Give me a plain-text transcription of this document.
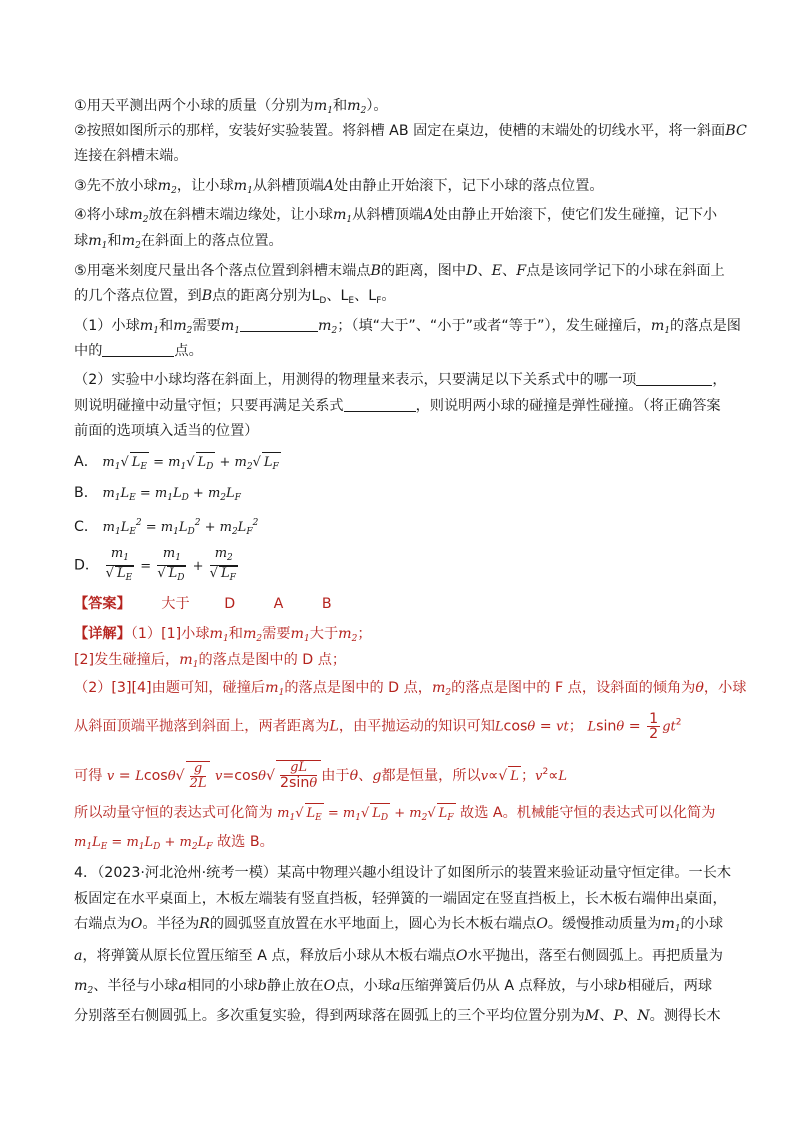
①用天平测出两个小球的质量（分别为$m_1$和$m_2$）。
②按照如图所示的那样，安装好实验装置。将斜槽 AB 固定在桌边，使槽的末端处的切线水平，将一斜面BC
连接在斜槽末端。
③先不放小球$m_2$，让小球$m_1$从斜槽顶端A处由静止开始滚下，记下小球的落点位置。
④将小球$m_2$放在斜槽末端边缘处，让小球$m_1$从斜槽顶端A处由静止开始滚下，使它们发生碰撞，记下小
球$m_1$和$m_2$在斜面上的落点位置。
⑤用毫米刻度尺量出各个落点位置到斜槽末端点B的距离，图中D、E、F点是该同学记下的小球在斜面上
的几个落点位置，到B点的距离分别为$L_D$、$L_E$、$L_F$。
（1）小球$m_1$和$m_2$需要$m_1$	$m_2$；（填“大于”、“小于”或者“等于”），发生碰撞后，$m_1$的落点是图
中的	点。
（2）实验中小球均落在斜面上，用测得的物理量来表示，只要满足以下关系式中的哪一项	，
则说明碰撞中动量守恒；只要再满足关系式	，则说明两小球的碰撞是弹性碰撞。（将正确答案
前面的选项填入适当的位置）
A． $m_1√$ $L_E = m_1√$ $L_D + m_2√$ $L_F$
B． $m_1L_E = m_1L_D + m_2L_F$
C． $m_1L_E^2 = m_1L_D^2 + m_2L_F^2$
D． $\frac{m_1}{√ L_E} = \frac{m_1}{√ L_D} + \frac{m_2}{√ L_F}$
【答案】 大于 D	A	B
【详解】（1）[1]小球$m_1$和$m_2$需要$m_1$大于$m_2$；
[2]发生碰撞后，$m_1$的落点是图中的 D 点；
（2）[3][4]由题可知，碰撞后$m_1$的落点是图中的 D 点，$m_2$的落点是图中的 F 点，设斜面的倾角为θ，小球
从斜面顶端平抛落到斜面上，两者距离为L，由平抛运动的知识可知Lcosθ = vt； $Lsin\theta = \frac{1}{2} gt^2$
可得 $v = Lcos\theta√ \frac{g}{2L} v=\cos\theta√ \frac{gL}{2\sin\theta}$ 由于θ、g都是恒量，所以v∝√ L ；$v^2\propto L$
所以动量守恒的表达式可化简为 $m_1√$ $L_E = m_1√$ $L_D + m_2√$ $L_F$ 故选 A。机械能守恒的表达式可以化简为
$m_1L_E = m_1L_D + m_2L_F$ 故选 B。
4．（2023·河北沧州·统考一模）某高中物理兴趣小组设计了如图所示的装置来验证动量守恒定律。一长木
板固定在水平桌面上，木板左端装有竖直挡板，轻弹簧的一端固定在竖直挡板上，长木板右端伸出桌面，
右端点为O。半径为R的圆弧竖直放置在水平地面上，圆心为长木板右端点O。缓慢推动质量为$m_1$的小球
a，将弹簧从原长位置压缩至 A 点，释放后小球从木板右端点O水平抛出，落至右侧圆弧上。再把质量为
$m_2$、半径与小球a相同的小球b静止放在O点，小球a压缩弹簧后仍从 A 点释放，与小球b相碰后，两球
分别落至右侧圆弧上。多次重复实验，得到两球落在圆弧上的三个平均位置分别为M、P、N。测得长木
